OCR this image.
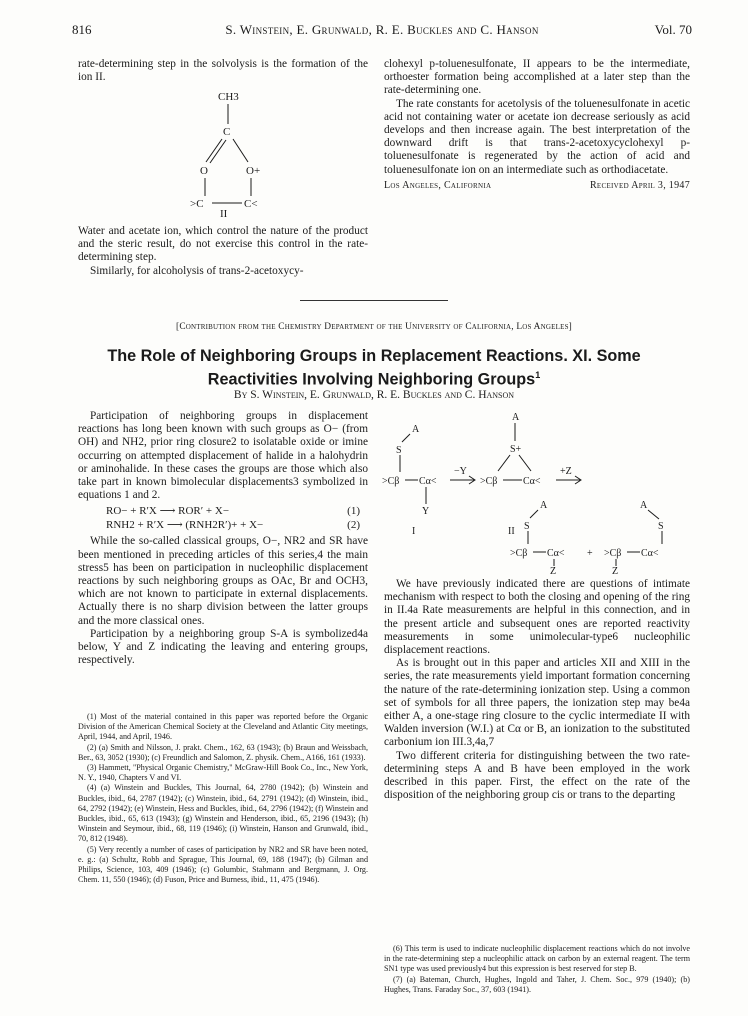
816	S. Winstein, E. Grunwald, R. E. Buckles and C. Hanson	Vol. 70

rate-determining step in the solvolysis is the formation of the ion II.

CH3
C
O	O+
>C	C<
II

Water and acetate ion, which control the nature of the product and the steric result, do not exercise this control in the rate-determining step.

Similarly, for alcoholysis of trans-2-acetoxycy-

clohexyl p-toluenesulfonate, II appears to be the intermediate, orthoester formation being accomplished at a later step than the rate-determining one.

The rate constants for acetolysis of the toluenesulfonate in acetic acid not containing water or acetate ion decrease seriously as acid develops and then increase again. The best interpretation of the downward drift is that trans-2-acetoxycyclohexyl p-toluenesulfonate is regenerated by the action of acid and toluenesulfonate ion on an intermediate such as orthodiacetate.

Los Angeles, California	Received April 3, 1947
[Contribution from the Chemistry Department of the University of California, Los Angeles]
The Role of Neighboring Groups in Replacement Reactions. XI. Some
Reactivities Involving Neighboring Groups$^1$
By S. Winstein, E. Grunwald, R. E. Buckles and C. Hanson

Participation of neighboring groups in displacement reactions has long been known with such groups as O− (from OH) and NH2, prior ring closure2 to isolatable oxide or imine occurring on attempted displacement of halide in a halohydrin or aminohalide. In these cases the groups are those which also take part in known bimolecular displacements3 symbolized in equations 1 and 2.

RO− + R′X ⟶ ROR′ + X−	(1)
RNH2 + R′X ⟶ (RNH2R′)+ + X−	(2)

While the so-called classical groups, O−, NR2 and SR have been mentioned in preceding articles of this series,4 the main stress5 has been on participation in nucleophilic displacement reactions by such neighboring groups as OAc, Br and OCH3, which are not known to participate in external displacements. Actually there is no sharp division between the latter groups and the more classical ones.

Participation by a neighboring group S-A is symbolized4a below, Y and Z indicating the leaving and entering groups, respectively.

(1) Most of the material contained in this paper was reported before the Organic Division of the American Chemical Society at the Cleveland and Atlantic City meetings, April, 1944, and April, 1946.

(2) (a) Smith and Nilsson, J. prakt. Chem., 162, 63 (1943); (b) Braun and Weissbach, Ber., 63, 3052 (1930); (c) Freundlich and Salomon, Z. physik. Chem., A166, 161 (1933).

(3) Hammett, "Physical Organic Chemistry," McGraw-Hill Book Co., Inc., New York, N. Y., 1940, Chapters V and VI.

(4) (a) Winstein and Buckles, This Journal, 64, 2780 (1942); (b) Winstein and Buckles, ibid., 64, 2787 (1942); (c) Winstein, ibid., 64, 2791 (1942); (d) Winstein, ibid., 64, 2792 (1942); (e) Winstein, Hess and Buckles, ibid., 64, 2796 (1942); (f) Winstein and Buckles, ibid., 65, 613 (1943); (g) Winstein and Henderson, ibid., 65, 2196 (1943); (h) Winstein and Seymour, ibid., 68, 119 (1946); (i) Winstein, Hanson and Grunwald, ibid., 70, 812 (1948).

(5) Very recently a number of cases of participation by NR2 and SR have been noted, e. g.: (a) Schultz, Robb and Sprague, This Journal, 69, 188 (1947); (b) Gilman and Philips, Science, 103, 409 (1946); (c) Golumbic, Stahmann and Bergmann, J. Org. Chem. 11, 550 (1946); (d) Fuson, Price and Burness, ibid., 11, 475 (1946).

A
S
>Cβ Cα<
Y
I
−Y
A
S+
>Cβ	Cα<
II
+Z
A
S
>Cβ Cα<
Z
+
A
S
>Cβ Cα<
Z

We have previously indicated there are questions of intimate mechanism with respect to both the closing and opening of the ring in II.4a Rate measurements are helpful in this connection, and in the present article and subsequent ones are reported reactivity measurements in some unimolecular-type6 nucleophilic displacement reactions.

As is brought out in this paper and articles XII and XIII in the series, the rate measurements yield important formation concerning the nature of the rate-determining ionization step. Using a common set of symbols for all three papers, the ionization step may be4a either A, a one-stage ring closure to the cyclic intermediate II with Walden inversion (W.I.) at Cα or B, an ionization to the substituted carbonium ion III.3,4a,7

Two different criteria for distinguishing between the two rate-determining steps A and B have been employed in the work described in this paper. First, the effect on the rate of the disposition of the neighboring group cis or trans to the departing

(6) This term is used to indicate nucleophilic displacement reactions which do not involve in the rate-determining step a nucleophilic attack on carbon by an external reagent. The term SN1 type was used previously4 but this expression is best reserved for step B.

(7) (a) Bateman, Church, Hughes, Ingold and Taher, J. Chem. Soc., 979 (1940); (b) Hughes, Trans. Faraday Soc., 37, 603 (1941).
